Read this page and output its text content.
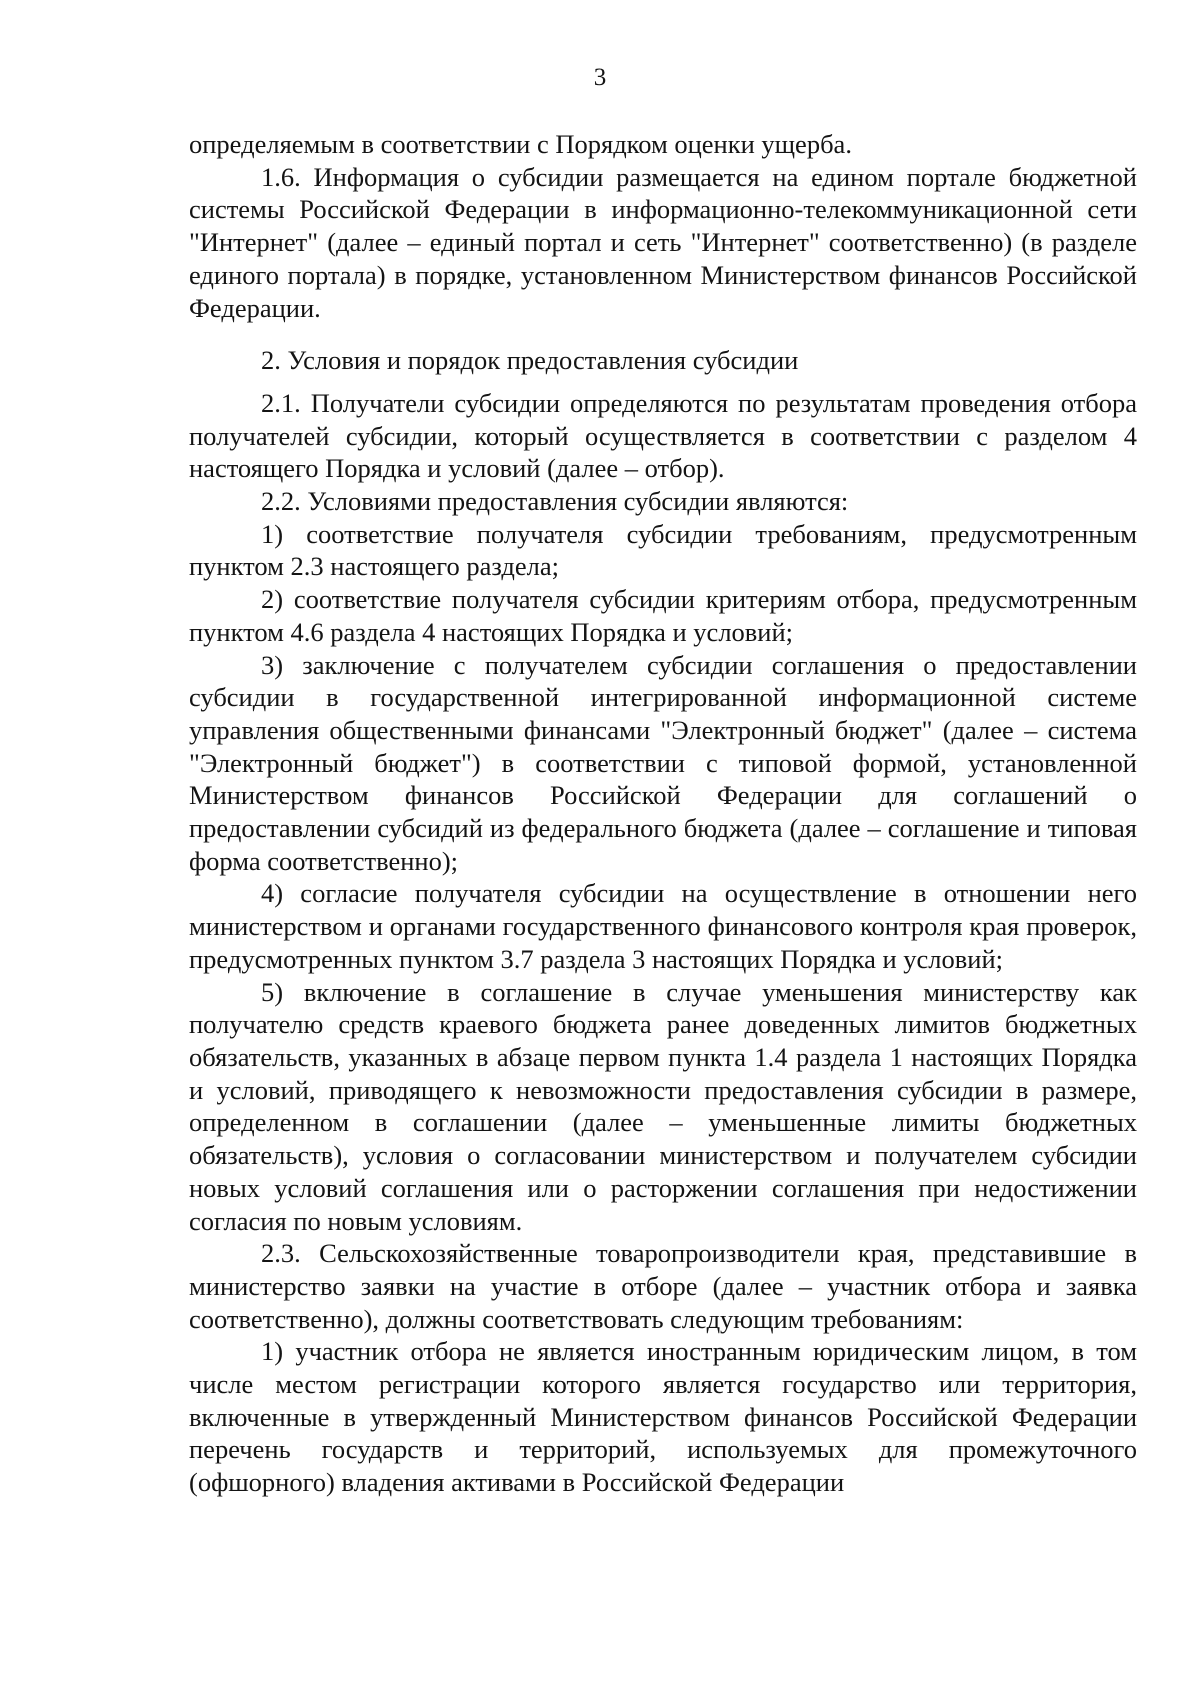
3

определяемым в соответствии с Порядком оценки ущерба.

1.6. Информация о субсидии размещается на едином портале бюджетной системы Российской Федерации в информационно-телекоммуникационной сети "Интернет" (далее – единый портал и сеть "Интернет" соответственно) (в разделе единого портала) в порядке, установленном Министерством финансов Российской Федерации.

2. Условия и порядок предоставления субсидии

2.1. Получатели субсидии определяются по результатам проведения отбора получателей субсидии, который осуществляется в соответствии с разделом 4 настоящего Порядка и условий (далее – отбор).

2.2. Условиями предоставления субсидии являются:

1) соответствие получателя субсидии требованиям, предусмотренным пунктом 2.3 настоящего раздела;

2) соответствие получателя субсидии критериям отбора, предусмотренным пунктом 4.6 раздела 4 настоящих Порядка и условий;

3) заключение с получателем субсидии соглашения о предоставлении субсидии в государственной интегрированной информационной системе управления общественными финансами "Электронный бюджет" (далее – система "Электронный бюджет") в соответствии с типовой формой, установленной Министерством финансов Российской Федерации для соглашений о предоставлении субсидий из федерального бюджета (далее – соглашение и типовая форма соответственно);

4) согласие получателя субсидии на осуществление в отношении него министерством и органами государственного финансового контроля края проверок, предусмотренных пунктом 3.7 раздела 3 настоящих Порядка и условий;

5) включение в соглашение в случае уменьшения министерству как получателю средств краевого бюджета ранее доведенных лимитов бюджетных обязательств, указанных в абзаце первом пункта 1.4 раздела 1 настоящих Порядка и условий, приводящего к невозможности предоставления субсидии в размере, определенном в соглашении (далее – уменьшенные лимиты бюджетных обязательств), условия о согласовании министерством и получателем субсидии новых условий соглашения или о расторжении соглашения при недостижении согласия по новым условиям.

2.3. Сельскохозяйственные товаропроизводители края, представившие в министерство заявки на участие в отборе (далее – участник отбора и заявка соответственно), должны соответствовать следующим требованиям:

1) участник отбора не является иностранным юридическим лицом, в том числе местом регистрации которого является государство или территория, включенные в утвержденный Министерством финансов Российской Федерации перечень государств и территорий, используемых для промежуточного (офшорного) владения активами в Российской Федерации
